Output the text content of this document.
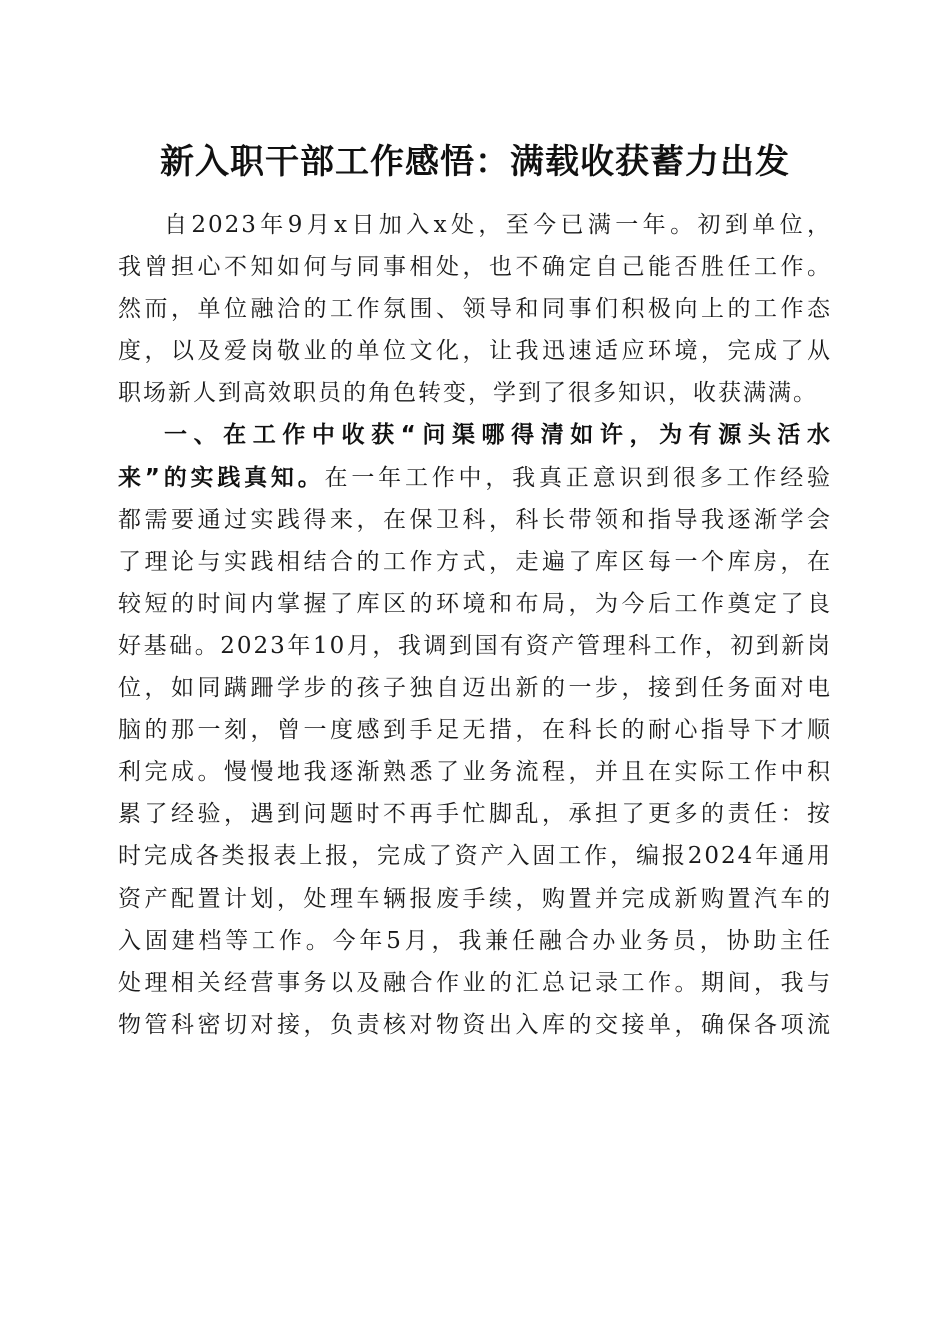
新入职干部工作感悟：满载收获蓄力出发
自2023年9月x日加入x处，至今已满一年。初到单位，
我曾担心不知如何与同事相处，也不确定自己能否胜任工作。
然而，单位融洽的工作氛围、领导和同事们积极向上的工作态
度，以及爱岗敬业的单位文化，让我迅速适应环境，完成了从
职场新人到高效职员的角色转变，学到了很多知识，收获满满。
一、在工作中收获“问渠哪得清如许，为有源头活水
来”的实践真知。在一年工作中，我真正意识到很多工作经验
都需要通过实践得来，在保卫科，科长带领和指导我逐渐学会
了理论与实践相结合的工作方式，走遍了库区每一个库房，在
较短的时间内掌握了库区的环境和布局，为今后工作奠定了良
好基础。2023年10月，我调到国有资产管理科工作，初到新岗
位，如同蹒跚学步的孩子独自迈出新的一步，接到任务面对电
脑的那一刻，曾一度感到手足无措，在科长的耐心指导下才顺
利完成。慢慢地我逐渐熟悉了业务流程，并且在实际工作中积
累了经验，遇到问题时不再手忙脚乱，承担了更多的责任：按
时完成各类报表上报，完成了资产入固工作，编报2024年通用
资产配置计划，处理车辆报废手续，购置并完成新购置汽车的
入固建档等工作。今年5月，我兼任融合办业务员，协助主任
处理相关经营事务以及融合作业的汇总记录工作。期间，我与
物管科密切对接，负责核对物资出入库的交接单，确保各项流
